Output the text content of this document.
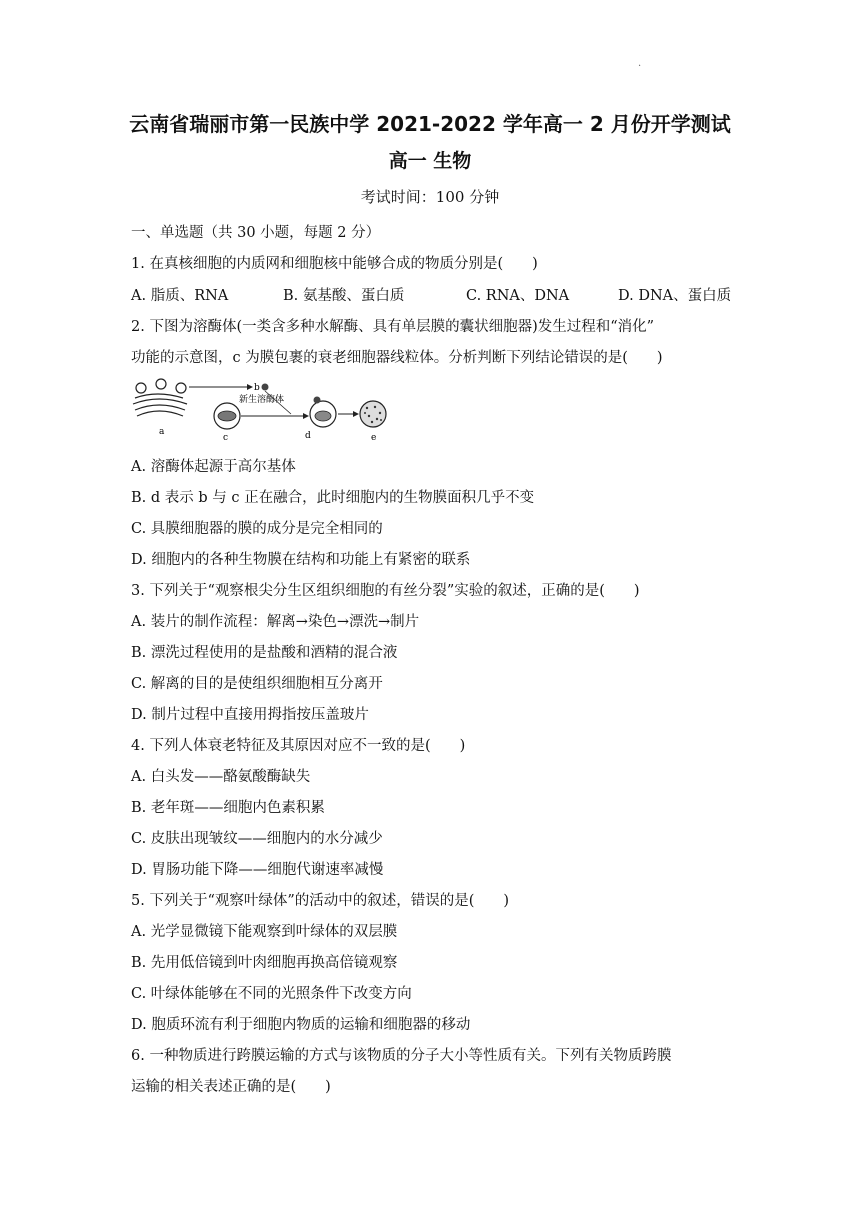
.
云南省瑞丽市第一民族中学 2021-2022 学年高一 2 月份开学测试
高一 生物
考试时间：100 分钟
一、单选题（共 30 小题，每题 2 分）
1. 在真核细胞的内质网和细胞核中能够合成的物质分别是(　　)
A. 脂质、RNA	B. 氨基酸、蛋白质	C. RNA、DNA	D. DNA、蛋白质
2. 下图为溶酶体(一类含多种水解酶、具有单层膜的囊状细胞器)发生过程和“消化”
功能的示意图，c 为膜包裹的衰老细胞器线粒体。分析判断下列结论错误的是(　　)
a
b
c
新生溶酶体
d	e
A. 溶酶体起源于高尔基体
B. d 表示 b 与 c 正在融合，此时细胞内的生物膜面积几乎不变
C. 具膜细胞器的膜的成分是完全相同的
D. 细胞内的各种生物膜在结构和功能上有紧密的联系
3. 下列关于“观察根尖分生区组织细胞的有丝分裂”实验的叙述，正确的是(　　)
A. 装片的制作流程：解离→染色→漂洗→制片
B. 漂洗过程使用的是盐酸和酒精的混合液
C. 解离的目的是使组织细胞相互分离开
D. 制片过程中直接用拇指按压盖玻片
4. 下列人体衰老特征及其原因对应不一致的是(　　)
A. 白头发——酪氨酸酶缺失
B. 老年斑——细胞内色素积累
C. 皮肤出现皱纹——细胞内的水分减少
D. 胃肠功能下降——细胞代谢速率减慢
5. 下列关于“观察叶绿体”的活动中的叙述，错误的是(　　)
A. 光学显微镜下能观察到叶绿体的双层膜
B. 先用低倍镜到叶肉细胞再换高倍镜观察
C. 叶绿体能够在不同的光照条件下改变方向
D. 胞质环流有利于细胞内物质的运输和细胞器的移动
6. 一种物质进行跨膜运输的方式与该物质的分子大小等性质有关。下列有关物质跨膜
运输的相关表述正确的是(　　)
